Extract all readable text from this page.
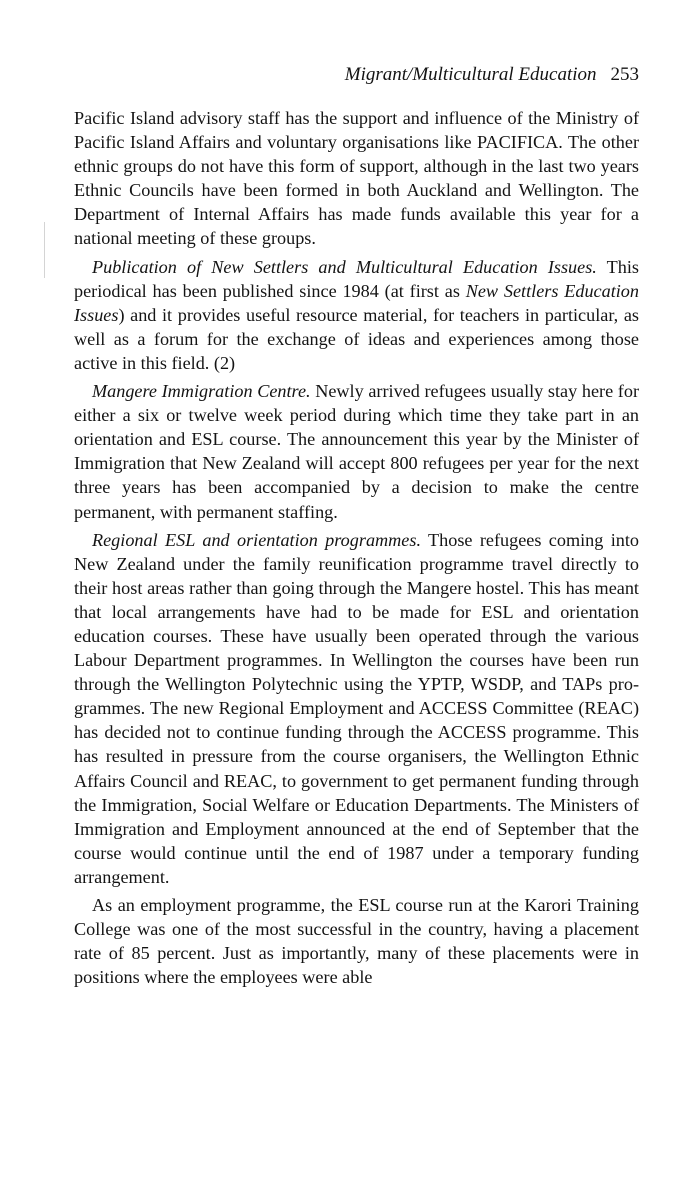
Migrant/Multicultural Education 253

Pacific Island advisory staff has the support and influence of the Ministry of Pacific Island Affairs and voluntary organisations like PACIFICA. The other ethnic groups do not have this form of support, although in the last two years Ethnic Councils have been formed in both Auckland and Wellington. The Department of Internal Affairs has made funds available this year for a national meeting of these groups.

Publication of New Settlers and Multicultural Education Issues. This periodical has been published since 1984 (at first as New Settlers Education Issues) and it provides useful resource material, for teachers in particular, as well as a forum for the exchange of ideas and experiences among those active in this field. (2)

Mangere Immigration Centre. Newly arrived refugees usually stay here for either a six or twelve week period during which time they take part in an orientation and ESL course. The announcement this year by the Minister of Immigration that New Zealand will accept 800 refugees per year for the next three years has been accompanied by a decision to make the centre permanent, with permanent staffing.

Regional ESL and orientation programmes. Those refugees coming into New Zealand under the family reunification programme travel directly to their host areas rather than going through the Mangere hostel. This has meant that local arrangements have had to be made for ESL and orientation education courses. These have usually been operated through the various Labour Department programmes. In Wellington the courses have been run through the Wellington Polytechnic using the YPTP, WSDP, and TAPs programmes. The new Regional Employment and ACCESS Committee (REAC) has decided not to continue funding through the ACCESS programme. This has resulted in pressure from the course organisers, the Wellington Ethnic Affairs Council and REAC, to government to get permanent funding through the Immigration, Social Welfare or Education Departments. The Ministers of Immigration and Employment announced at the end of September that the course would continue until the end of 1987 under a temporary funding arrangement.

As an employment programme, the ESL course run at the Karori Training College was one of the most successful in the country, having a placement rate of 85 percent. Just as importantly, many of these placements were in positions where the employees were able
